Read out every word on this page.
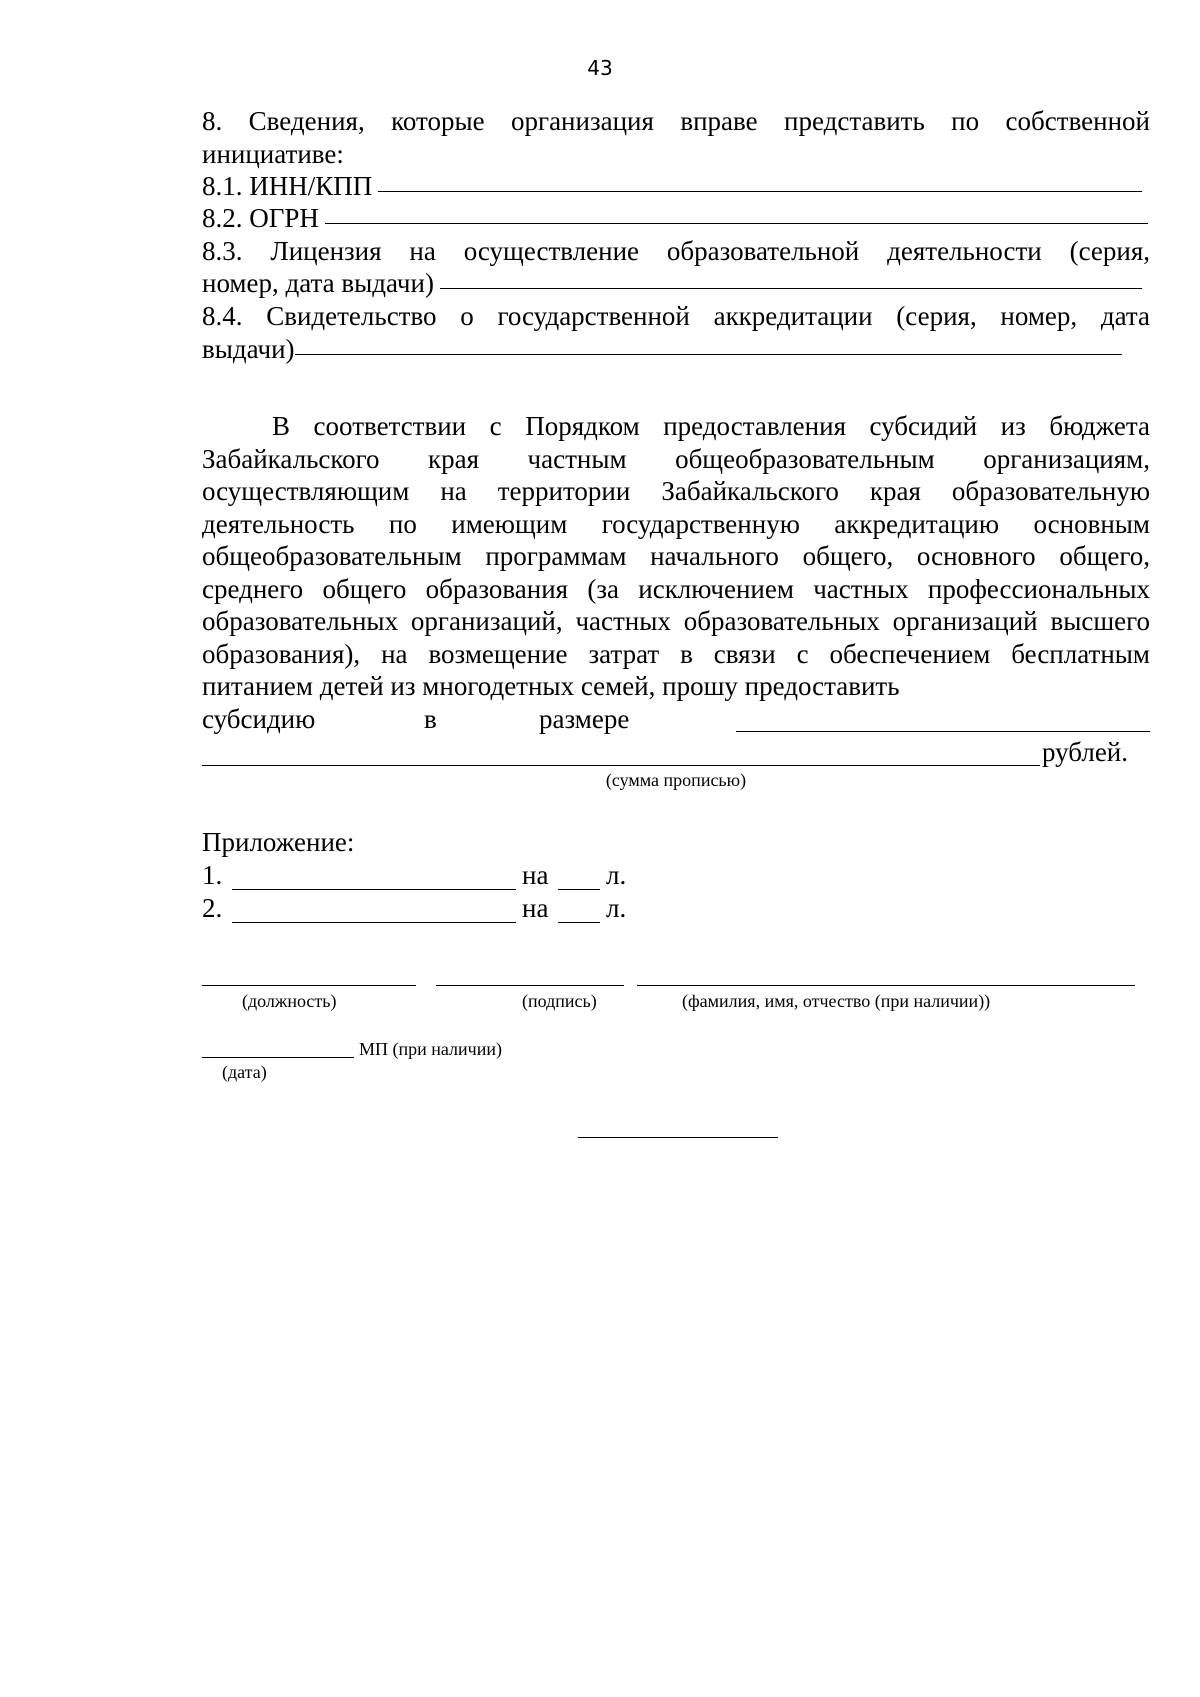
43
8. Сведения, которые организация вправе представить по собственной инициативе:
8.1. ИНН/КПП
8.2. ОГРН
8.3. Лицензия на осуществление образовательной деятельности (серия,
номер, дата выдачи)
8.4. Свидетельство о государственной аккредитации (серия, номер, дата
выдачи)
В соответствии с Порядком предоставления субсидий из бюджета Забайкальского края частным общеобразовательным организациям, осуществляющим на территории Забайкальского края образовательную деятельность по имеющим государственную аккредитацию основным общеобразовательным программам начального общего, основного общего, среднего общего образования (за исключением частных профессиональных образовательных организаций, частных образовательных организаций высшего образования), на возмещение затрат в связи с обеспечением бесплатным питанием детей из многодетных семей, прошу предоставить
субсидию	в	размере
рублей.
(сумма прописью)
Приложение:
1.	на л.
2.	на л.
(должность)	(подпись)	(фамилия, имя, отчество (при наличии))
МП (при наличии)
(дата)
